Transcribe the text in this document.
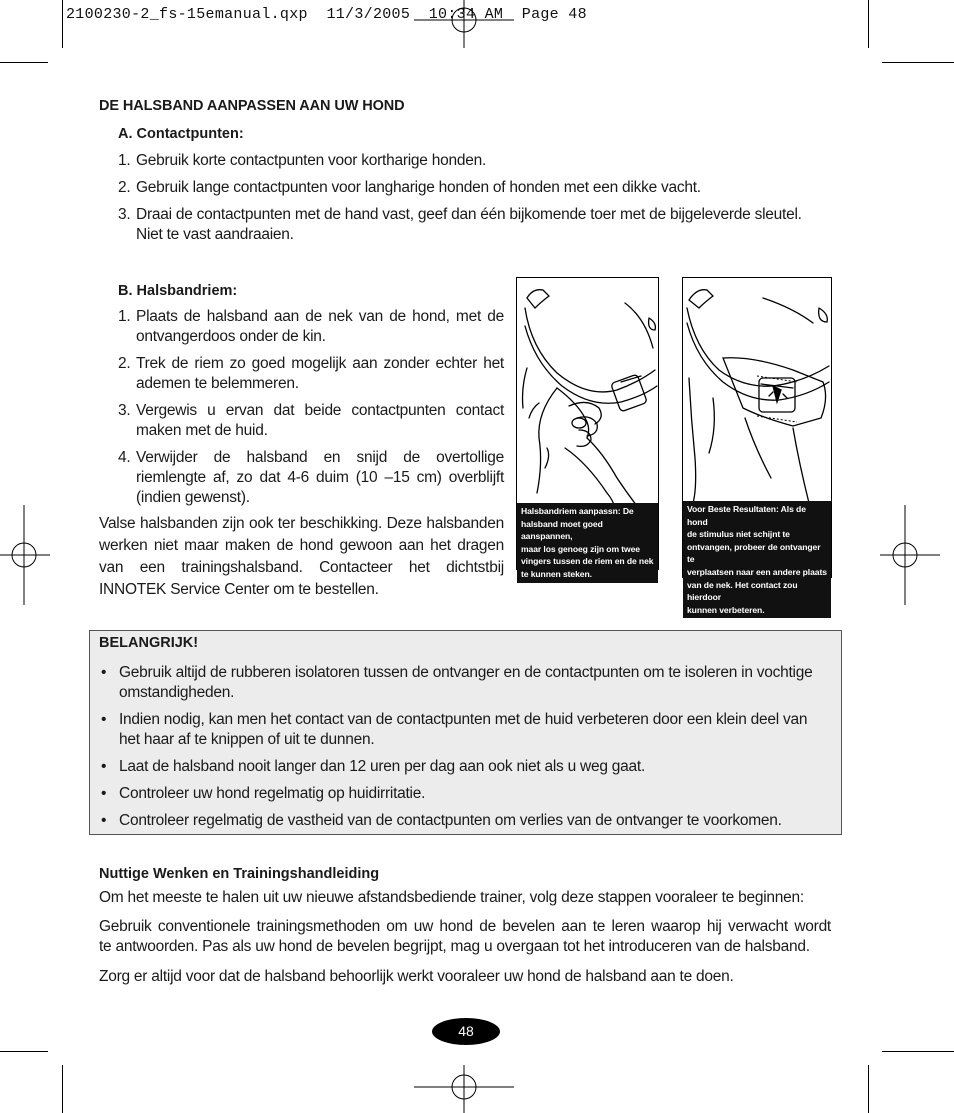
2100230-2_fs-15emanual.qxp  11/3/2005  10:34 AM  Page 48
DE HALSBAND AANPASSEN AAN UW HOND
A. Contactpunten:
1. Gebruik korte contactpunten voor kortharige honden.
2. Gebruik lange contactpunten voor langharige honden of honden met een dikke vacht.
3. Draai de contactpunten met de hand vast, geef dan één bijkomende toer met de bijgeleverde sleutel.
Niet te vast aandraaien.
B. Halsbandriem:
1. Plaats de halsband aan de nek van de hond, met de
ontvangerdoos onder de kin.
2. Trek de riem zo goed mogelijk aan zonder echter het
ademen te belemmeren.
3. Vergewis u ervan dat beide contactpunten contact
maken met de huid.
4. Verwijder de halsband en snijd de overtollige
riemlengte af, zo dat 4-6 duim (10 –15 cm) overblijft
(indien gewenst).
Valse halsbanden zijn ook ter beschikking. Deze halsbanden
werken niet maar maken de hond gewoon aan het dragen
van een trainingshalsband. Contacteer het dichtstbij
INNOTEK Service Center om te bestellen.
Halsbandriem aanpassn: De
halsband moet goed aanspannen,
maar los genoeg zijn om twee
vingers tussen de riem en de nek
te kunnen steken.
Voor Beste Resultaten: Als de hond
de stimulus niet schijnt te
ontvangen, probeer de ontvanger te
verplaatsen naar een andere plaats
van de nek. Het contact zou hierdoor
kunnen verbeteren.
BELANGRIJK!
• Gebruik altijd de rubberen isolatoren tussen de ontvanger en de contactpunten om te isoleren in vochtige
omstandigheden.
• Indien nodig, kan men het contact van de contactpunten met de huid verbeteren door een klein deel van
het haar af te knippen of uit te dunnen.
• Laat de halsband nooit langer dan 12 uren per dag aan ook niet als u weg gaat.
• Controleer uw hond regelmatig op huidirritatie.
• Controleer regelmatig de vastheid van de contactpunten om verlies van de ontvanger te voorkomen.
Nuttige Wenken en Trainingshandleiding
Om het meeste te halen uit uw nieuwe afstandsbediende trainer, volg deze stappen vooraleer te beginnen:
Gebruik conventionele trainingsmethoden om uw hond de bevelen aan te leren waarop hij verwacht wordt
te antwoorden. Pas als uw hond de bevelen begrijpt, mag u overgaan tot het introduceren van de halsband.
Zorg er altijd voor dat de halsband behoorlijk werkt vooraleer uw hond de halsband aan te doen.
48
